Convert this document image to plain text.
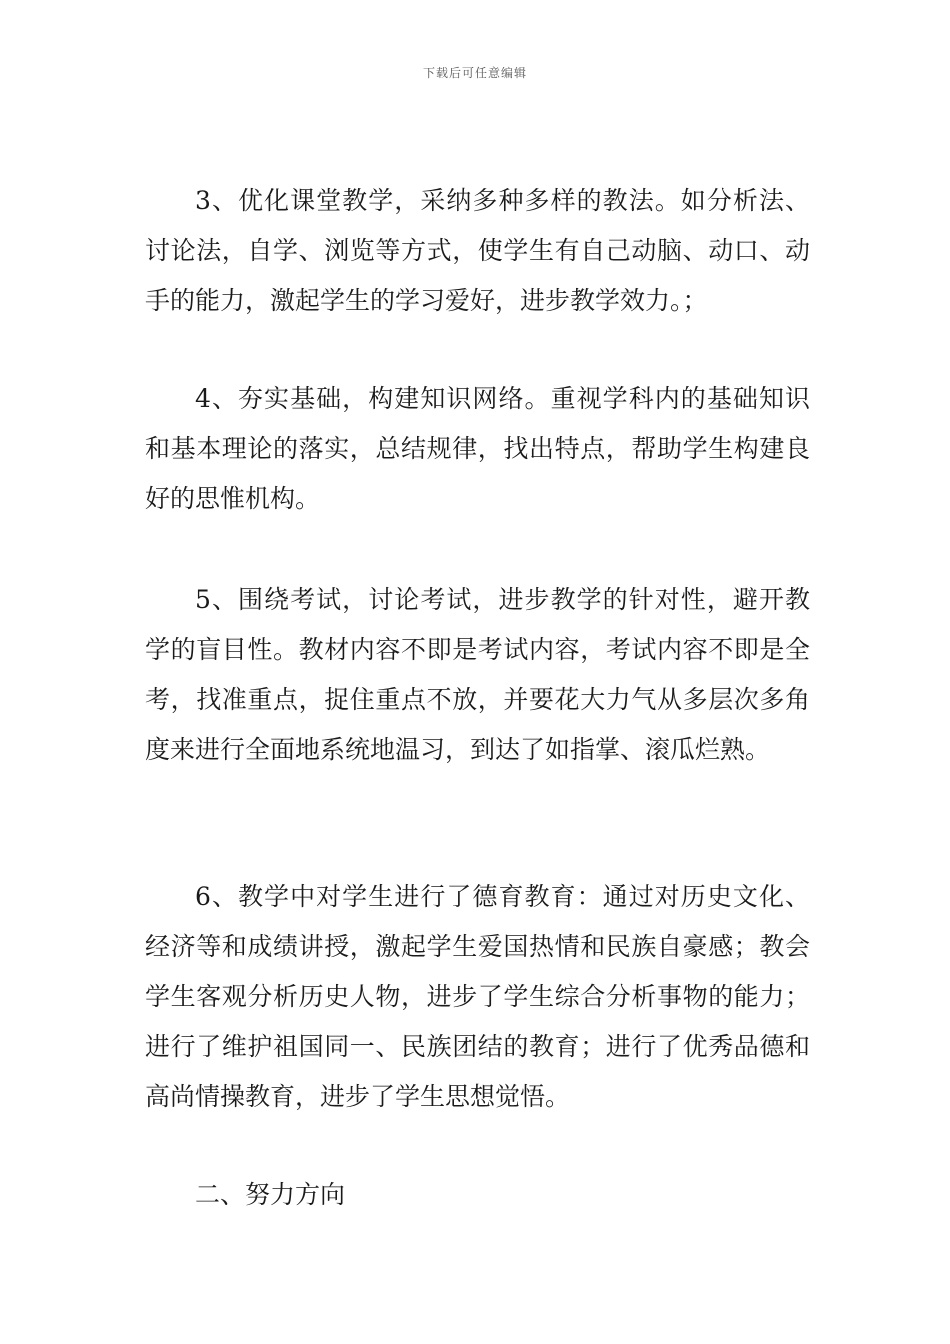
下载后可任意编辑

3、优化课堂教学，采纳多种多样的教法。如分析法、讨论法，自学、浏览等方式，使学生有自己动脑、动口、动手的能力，激起学生的学习爱好，进步教学效力。；

4、夯实基础，构建知识网络。重视学科内的基础知识和基本理论的落实，总结规律，找出特点，帮助学生构建良好的思惟机构。

5、围绕考试，讨论考试，进步教学的针对性，避开教学的盲目性。教材内容不即是考试内容，考试内容不即是全考，找准重点，捉住重点不放，并要花大力气从多层次多角度来进行全面地系统地温习，到达了如指掌、滚瓜烂熟。

6、教学中对学生进行了德育教育：通过对历史文化、经济等和成绩讲授，激起学生爱国热情和民族自豪感；教会学生客观分析历史人物，进步了学生综合分析事物的能力；进行了维护祖国同一、民族团结的教育；进行了优秀品德和高尚情操教育，进步了学生思想觉悟。

二、努力方向
